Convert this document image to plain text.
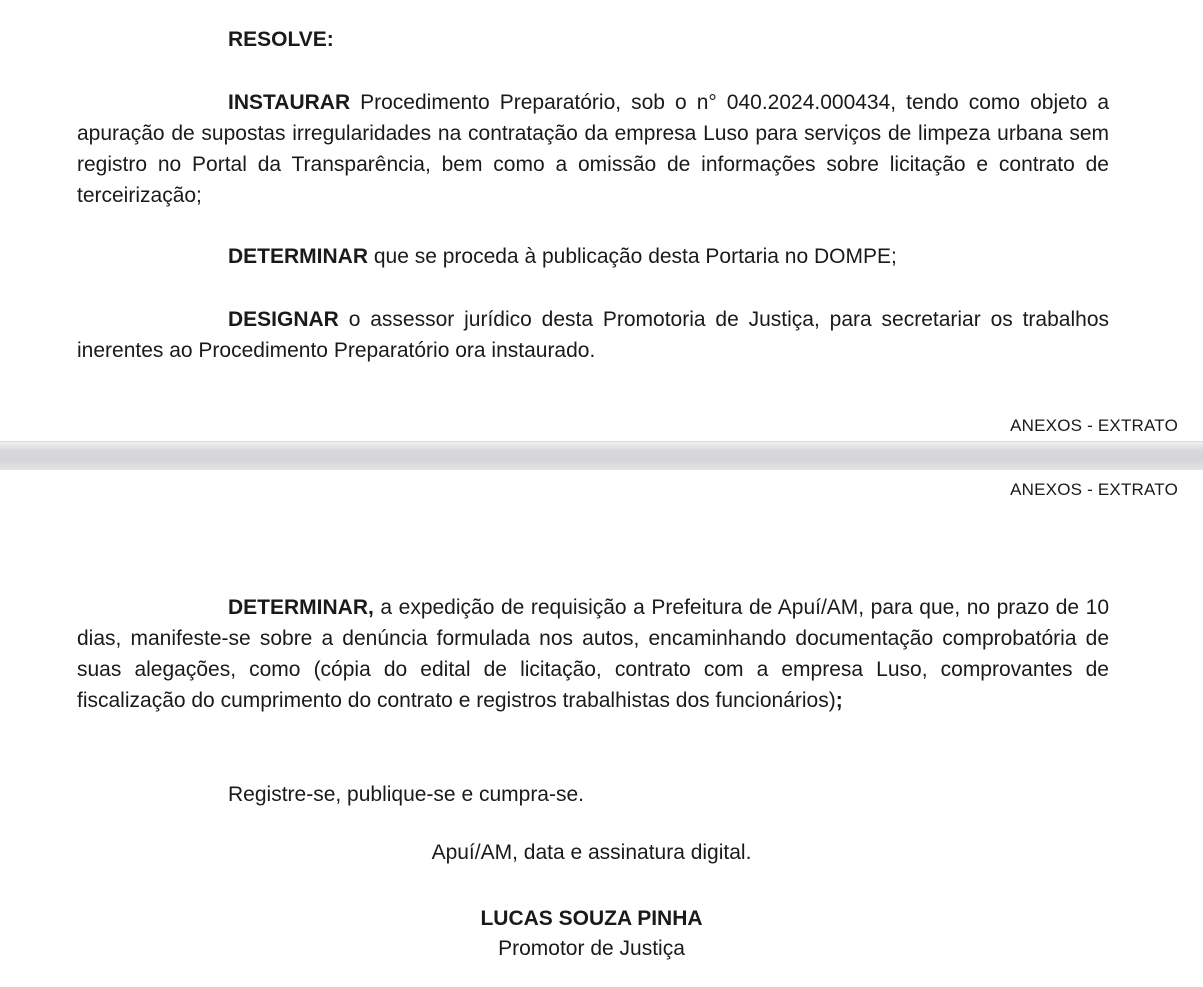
RESOLVE:

INSTAURAR Procedimento Preparatório, sob o n° 040.2024.000434, tendo como objeto a apuração de supostas irregularidades na contratação da empresa Luso para serviços de limpeza urbana sem registro no Portal da Transparência, bem como a omissão de informações sobre licitação e contrato de terceirização;

DETERMINAR que se proceda à publicação desta Portaria no DOMPE;

DESIGNAR o assessor jurídico desta Promotoria de Justiça, para secretariar os trabalhos inerentes ao Procedimento Preparatório ora instaurado.

ANEXOS - EXTRATO
ANEXOS - EXTRATO

DETERMINAR, a expedição de requisição a Prefeitura de Apuí/AM, para que, no prazo de 10 dias, manifeste-se sobre a denúncia formulada nos autos, encaminhando documentação comprobatória de suas alegações, como (cópia do edital de licitação, contrato com a empresa Luso, comprovantes de fiscalização do cumprimento do contrato e registros trabalhistas dos funcionários);

Registre-se, publique-se e cumpra-se.

Apuí/AM, data e assinatura digital.

LUCAS SOUZA PINHA

Promotor de Justiça
